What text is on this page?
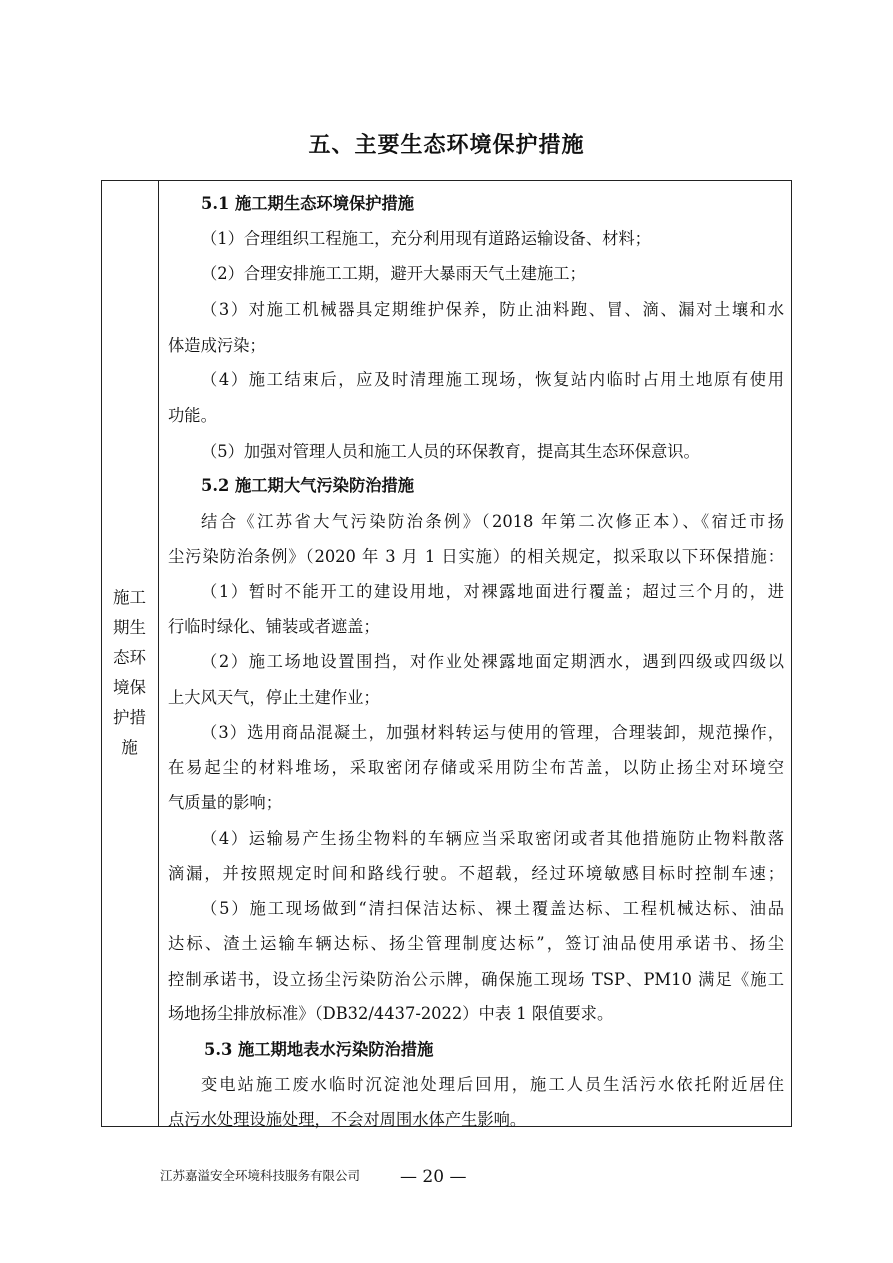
五、主要生态环境保护措施
施工
期生
态环
境保
护措
施
5.1 施工期生态环境保护措施
（1）合理组织工程施工，充分利用现有道路运输设备、材料；
（2）合理安排施工工期，避开大暴雨天气土建施工；
（3）对施工机械器具定期维护保养，防止油料跑、冒、滴、漏对土壤和水
体造成污染；
（4）施工结束后，应及时清理施工现场，恢复站内临时占用土地原有使用
功能。
（5）加强对管理人员和施工人员的环保教育，提高其生态环保意识。
5.2 施工期大气污染防治措施
结合《江苏省大气污染防治条例》（2018 年第二次修正本）、《宿迁市扬
尘污染防治条例》（2020 年 3 月 1 日实施）的相关规定，拟采取以下环保措施：
（1）暂时不能开工的建设用地，对裸露地面进行覆盖；超过三个月的，进
行临时绿化、铺装或者遮盖；
（2）施工场地设置围挡，对作业处裸露地面定期洒水，遇到四级或四级以
上大风天气，停止土建作业；
（3）选用商品混凝土，加强材料转运与使用的管理，合理装卸，规范操作，
在易起尘的材料堆场，采取密闭存储或采用防尘布苫盖，以防止扬尘对环境空
气质量的影响；
（4）运输易产生扬尘物料的车辆应当采取密闭或者其他措施防止物料散落
滴漏，并按照规定时间和路线行驶。不超载，经过环境敏感目标时控制车速；
（5）施工现场做到“清扫保洁达标、裸土覆盖达标、工程机械达标、油品
达标、渣土运输车辆达标、扬尘管理制度达标”，签订油品使用承诺书、扬尘
控制承诺书，设立扬尘污染防治公示牌，确保施工现场 TSP、PM10 满足《施工
场地扬尘排放标准》（DB32/4437-2022）中表 1 限值要求。
5.3 施工期地表水污染防治措施
变电站施工废水临时沉淀池处理后回用，施工人员生活污水依托附近居住
点污水处理设施处理，不会对周围水体产生影响。
江苏嘉溢安全环境科技服务有限公司 — 20 —
